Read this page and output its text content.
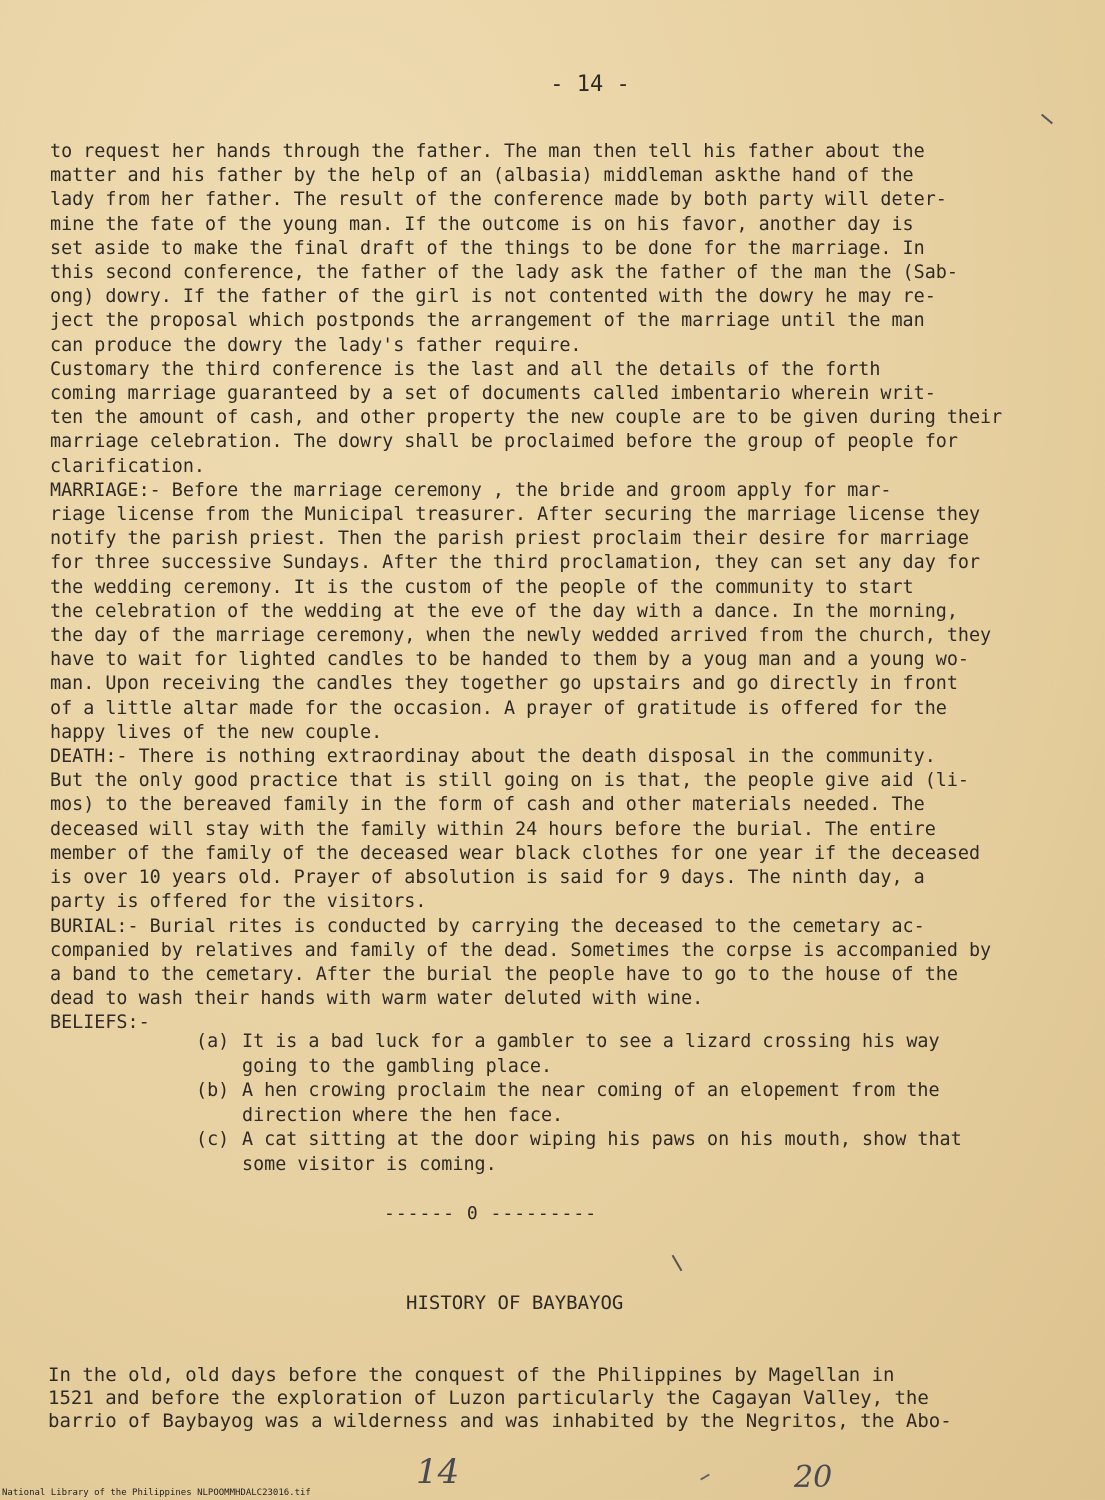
- 14 -

to request her hands through the father. The man then tell his father about the

matter and his father by the help of an (albasia) middleman askthe hand of the

lady from her father. The result of the conference made by both party will deter-

mine the fate of the young man. If the outcome is on his favor, another day is

set aside to make the final draft of the things to be done for the marriage. In

this second conference, the father of the lady ask the father of the man the (Sab-

ong) dowry. If the father of the girl is not contented with the dowry he may re-

ject the proposal which postponds the arrangement of the marriage until the man

can produce the dowry the lady's father require.

Customary the third conference is the last and all the details of the forth

coming marriage guaranteed by a set of documents called imbentario wherein writ-

ten the amount of cash, and other property the new couple are to be given during their

marriage celebration. The dowry shall be proclaimed before the group of people for

clarification.

MARRIAGE:- Before the marriage ceremony , the bride and groom apply for mar-

riage license from the Municipal treasurer. After securing the marriage license they

notify the parish priest. Then the parish priest proclaim their desire for marriage

for three successive Sundays. After the third proclamation, they can set any day for

the wedding ceremony. It is the custom of the people of the community to start

the celebration of the wedding at the eve of the day with a dance. In the morning,

the day of the marriage ceremony, when the newly wedded arrived from the church, they

have to wait for lighted candles to be handed to them by a youg man and a young wo-

man. Upon receiving the candles they together go upstairs and go directly in front

of a little altar made for the occasion. A prayer of gratitude is offered for the

happy lives of the new couple.

DEATH:- There is nothing extraordinay about the death disposal in the community.

But the only good practice that is still going on is that, the people give aid (li-

mos) to the bereaved family in the form of cash and other materials needed. The

deceased will stay with the family within 24 hours before the burial. The entire

member of the family of the deceased wear black clothes for one year if the deceased

is over 10 years old. Prayer of absolution is said for 9 days. The ninth day, a

party is offered for the visitors.

BURIAL:- Burial rites is conducted by carrying the deceased to the cemetary ac-

companied by relatives and family of the dead. Sometimes the corpse is accompanied by

a band to the cemetary. After the burial the people have to go to the house of the

dead to wash their hands with warm water deluted with wine.

BELIEFS:-

(a) It is a bad luck for a gambler to see a lizard crossing his way
going to the gambling place.
(b) A hen crowing proclaim the near coming of an elopement from the
direction where the hen face.
(c) A cat sitting at the door wiping his paws on his mouth, show that
some visitor is coming.
------ 0 ---------
HISTORY OF BAYBAYOG

In the old, old days before the conquest of the Philippines by Magellan in

1521 and before the exploration of Luzon particularly the Cagayan Valley, the

barrio of Baybayog was a wilderness and was inhabited by the Negritos, the Abo-

14	20
National Library of the Philippines NLPOOMMHDALC23016.tif
